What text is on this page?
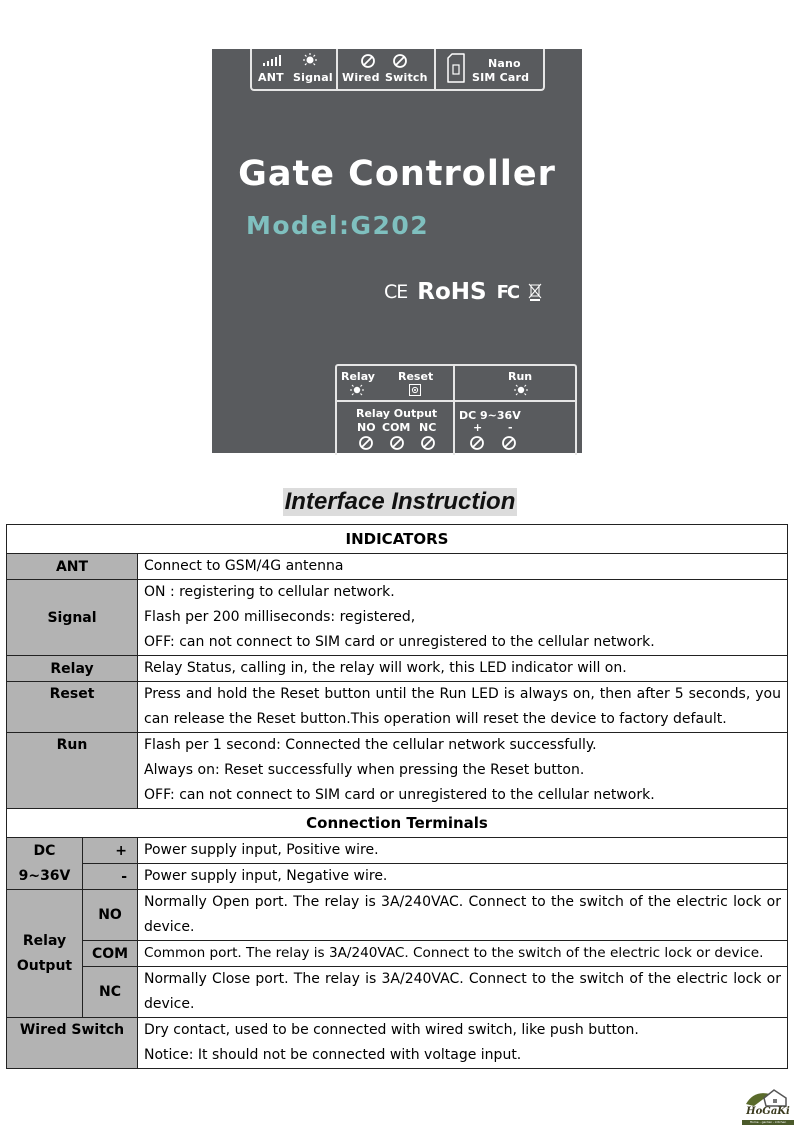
ANT Signal Wired Switch
Nano
SIM Card
Gate Controller
Model:G202
CE RoHS FC
Relay Reset	Run
Relay Output
NO COM NC
DC 9~36V
+ -
Interface Instruction
INDICATORS		
ANT		Connect to GSM/4G antenna

Signal		ON : registering to cellular network.

Flash per 200 milliseconds: registered,

OFF: can not connect to SIM card or unregistered to the cellular network.

Relay		Relay Status, calling in, the relay will work, this LED indicator will on.

Reset		Press and hold the Reset button until the Run LED is always on, then after 5 seconds, you can release the Reset button.This operation will reset the device to factory default.

Run		Flash per 1 second: Connected the cellular network successfully.

Always on: Reset successfully when pressing the Reset button.

OFF: can not connect to SIM card or unregistered to the cellular network.

Connection Terminals		

DC
9~36V	+	Power supply input, Positive wire.
	-	Power supply input, Negative wire.

Relay
Output	NO	Normally Open port. The relay is 3A/240VAC. Connect to the switch of the electric lock or device.
	COM	Common port. The relay is 3A/240VAC. Connect to the switch of the electric lock or device.
	NC	Normally Close port. The relay is 3A/240VAC. Connect to the switch of the electric lock or device.
Wired Switch		Dry contact, used to be connected with wired switch, like push button.

Notice: It should not be connected with voltage input.

HoGaKi
Home - garden - kitchen
